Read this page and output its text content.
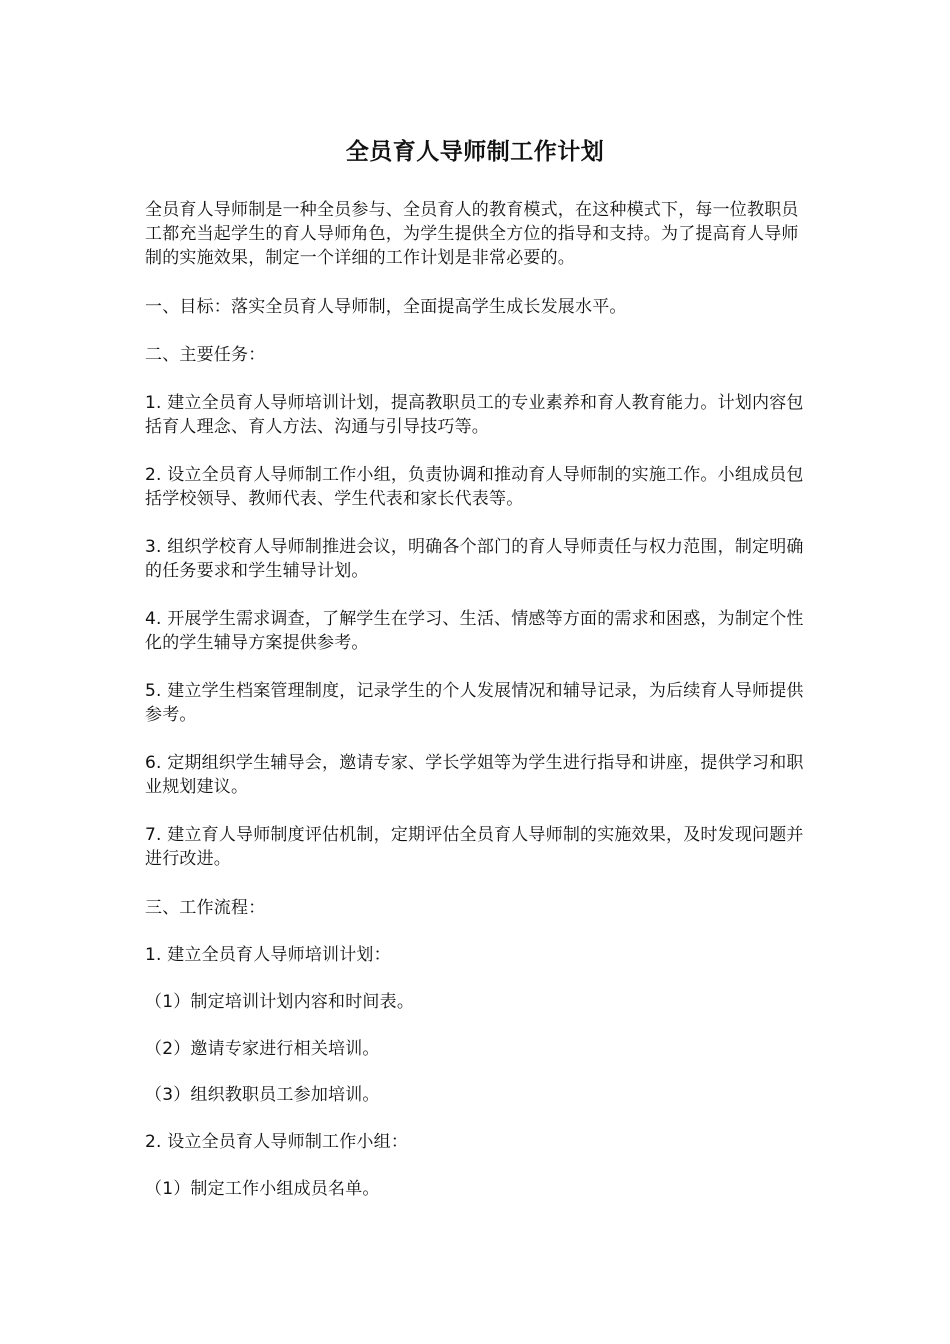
全员育人导师制工作计划
全员育人导师制是一种全员参与、全员育人的教育模式，在这种模式下，每一位教职员工都充当起学生的育人导师角色，为学生提供全方位的指导和支持。为了提高育人导师制的实施效果，制定一个详细的工作计划是非常必要的。
一、目标：落实全员育人导师制，全面提高学生成长发展水平。
二、主要任务：
1. 建立全员育人导师培训计划，提高教职员工的专业素养和育人教育能力。计划内容包括育人理念、育人方法、沟通与引导技巧等。
2. 设立全员育人导师制工作小组，负责协调和推动育人导师制的实施工作。小组成员包括学校领导、教师代表、学生代表和家长代表等。
3. 组织学校育人导师制推进会议，明确各个部门的育人导师责任与权力范围，制定明确的任务要求和学生辅导计划。
4. 开展学生需求调查，了解学生在学习、生活、情感等方面的需求和困惑，为制定个性化的学生辅导方案提供参考。
5. 建立学生档案管理制度，记录学生的个人发展情况和辅导记录，为后续育人导师提供参考。
6. 定期组织学生辅导会，邀请专家、学长学姐等为学生进行指导和讲座，提供学习和职业规划建议。
7. 建立育人导师制度评估机制，定期评估全员育人导师制的实施效果，及时发现问题并进行改进。
三、工作流程：
1. 建立全员育人导师培训计划：
（1）制定培训计划内容和时间表。
（2）邀请专家进行相关培训。
（3）组织教职员工参加培训。
2. 设立全员育人导师制工作小组：
（1）制定工作小组成员名单。
